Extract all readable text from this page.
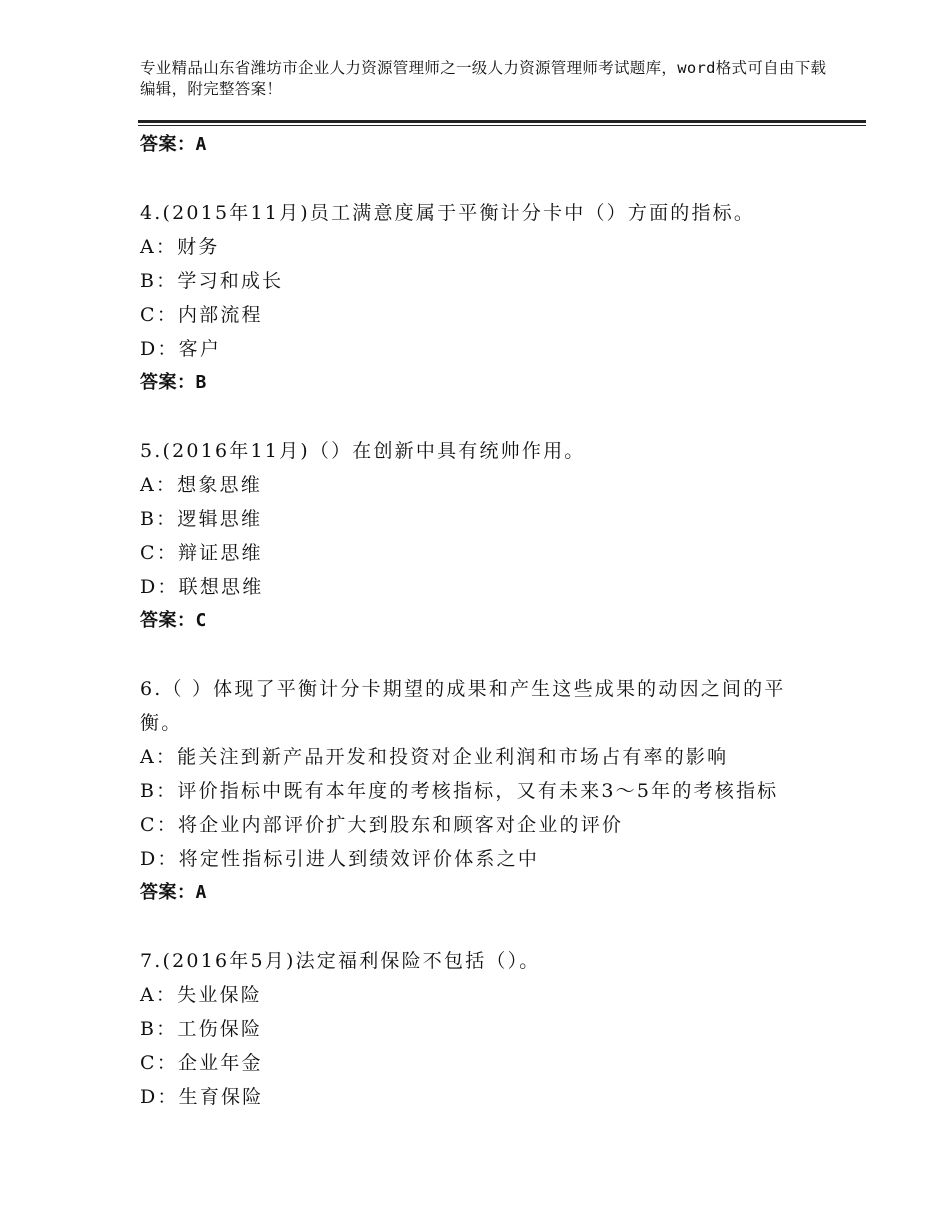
专业精品山东省潍坊市企业人力资源管理师之一级人力资源管理师考试题库，word格式可自由下载编辑，附完整答案！
答案：A
4.(2015年11月)员工满意度属于平衡计分卡中（）方面的指标。
A：财务
B：学习和成长
C：内部流程
D：客户
答案：B
5.(2016年11月)（）在创新中具有统帅作用。
A：想象思维
B：逻辑思维
C：辩证思维
D：联想思维
答案：C
6.（ ）体现了平衡计分卡期望的成果和产生这些成果的动因之间的平衡。
A：能关注到新产品开发和投资对企业利润和市场占有率的影响
B：评价指标中既有本年度的考核指标，又有未来3～5年的考核指标
C：将企业内部评价扩大到股东和顾客对企业的评价
D：将定性指标引进人到绩效评价体系之中
答案：A
7.(2016年5月)法定福利保险不包括（）。
A：失业保险
B：工伤保险
C：企业年金
D：生育保险
